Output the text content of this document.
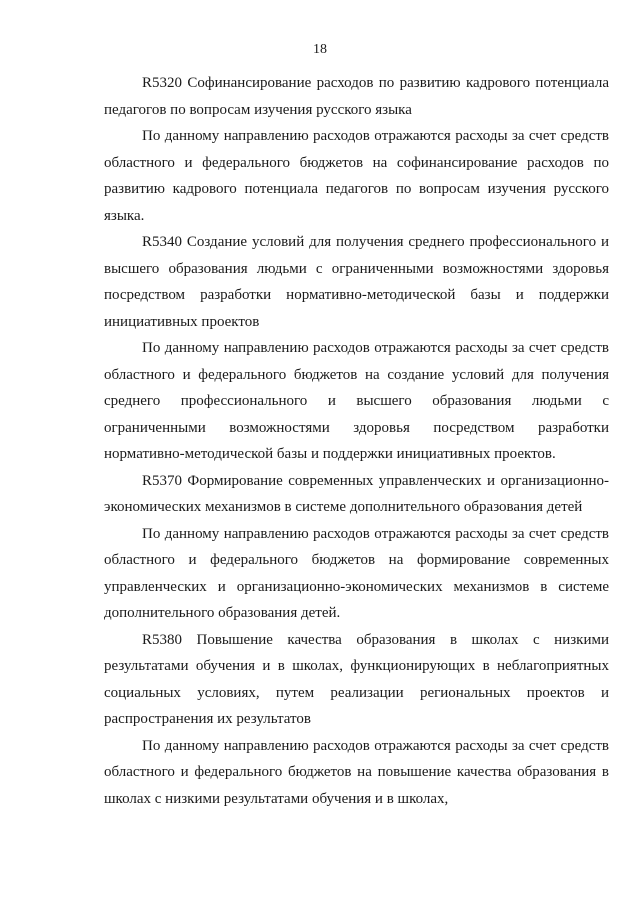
18

R5320 Софинансирование расходов по развитию кадрового потенциала педагогов по вопросам изучения русского языка

По данному направлению расходов отражаются расходы за счет средств областного и федерального бюджетов на софинансирование расходов по развитию кадрового потенциала педагогов по вопросам изучения русского языка.

R5340 Создание условий для получения среднего профессионального и высшего образования людьми с ограниченными возможностями здоровья посредством разработки нормативно-методической базы и поддержки инициативных проектов

По данному направлению расходов отражаются расходы за счет средств областного и федерального бюджетов на создание условий для получения среднего профессионального и высшего образования людьми с ограниченными возможностями здоровья посредством разработки нормативно-методической базы и поддержки инициативных проектов.

R5370 Формирование современных управленческих и организационно-экономических механизмов в системе дополнительного образования детей

По данному направлению расходов отражаются расходы за счет средств областного и федерального бюджетов на формирование современных управленческих и организационно-экономических механизмов в системе дополнительного образования детей.

R5380 Повышение качества образования в школах с низкими результатами обучения и в школах, функционирующих в неблагоприятных социальных условиях, путем реализации региональных проектов и распространения их результатов

По данному направлению расходов отражаются расходы за счет средств областного и федерального бюджетов на повышение качества образования в школах с низкими результатами обучения и в школах,
